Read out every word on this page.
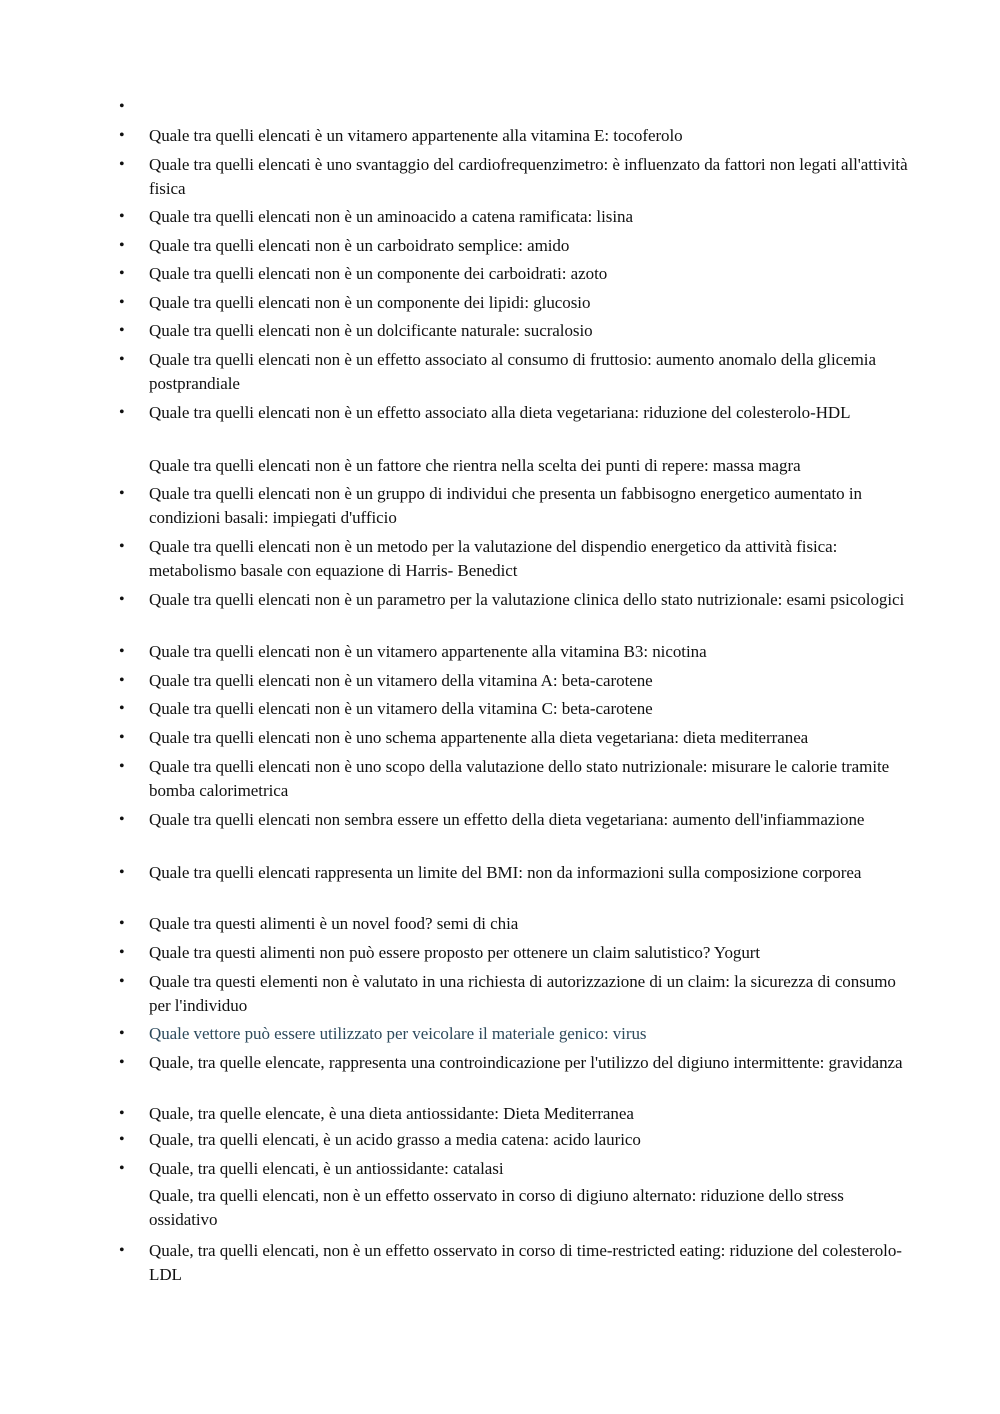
• Quale tra quelli elencati è un vitamero appartenente alla vitamina E: tocoferolo
• Quale tra quelli elencati è uno svantaggio del cardiofrequenzimetro: è influenzato da fattori non legati all'attività fisica
• Quale tra quelli elencati non è un aminoacido a catena ramificata: lisina
• Quale tra quelli elencati non è un carboidrato semplice: amido
• Quale tra quelli elencati non è un componente dei carboidrati: azoto
• Quale tra quelli elencati non è un componente dei lipidi: glucosio
• Quale tra quelli elencati non è un dolcificante naturale: sucralosio
• Quale tra quelli elencati non è un effetto associato al consumo di fruttosio: aumento anomalo della glicemia postprandiale
• Quale tra quelli elencati non è un effetto associato alla dieta vegetariana: riduzione del colesterolo-HDL
Quale tra quelli elencati non è un fattore che rientra nella scelta dei punti di repere: massa magra
• Quale tra quelli elencati non è un gruppo di individui che presenta un fabbisogno energetico aumentato in condizioni basali: impiegati d'ufficio
• Quale tra quelli elencati non è un metodo per la valutazione del dispendio energetico da attività fisica: metabolismo basale con equazione di Harris- Benedict
• Quale tra quelli elencati non è un parametro per la valutazione clinica dello stato nutrizionale: esami psicologici
• Quale tra quelli elencati non è un vitamero appartenente alla vitamina B3: nicotina
• Quale tra quelli elencati non è un vitamero della vitamina A: beta-carotene
• Quale tra quelli elencati non è un vitamero della vitamina C: beta-carotene
• Quale tra quelli elencati non è uno schema appartenente alla dieta vegetariana: dieta mediterranea
• Quale tra quelli elencati non è uno scopo della valutazione dello stato nutrizionale: misurare le calorie tramite bomba calorimetrica
• Quale tra quelli elencati non sembra essere un effetto della dieta vegetariana: aumento dell'infiammazione
• Quale tra quelli elencati rappresenta un limite del BMI: non da informazioni sulla composizione corporea
• Quale tra questi alimenti è un novel food? semi di chia
• Quale tra questi alimenti non può essere proposto per ottenere un claim salutistico? Yogurt
• Quale tra questi elementi non è valutato in una richiesta di autorizzazione di un claim: la sicurezza di consumo per l'individuo
• Quale vettore può essere utilizzato per veicolare il materiale genico: virus
• Quale, tra quelle elencate, rappresenta una controindicazione per l'utilizzo del digiuno intermittente: gravidanza
• Quale, tra quelle elencate, è una dieta antiossidante: Dieta Mediterranea
• Quale, tra quelli elencati, è un acido grasso a media catena: acido laurico
• Quale, tra quelli elencati, è un antiossidante: catalasi
Quale, tra quelli elencati, non è un effetto osservato in corso di digiuno alternato: riduzione dello stress ossidativo
• Quale, tra quelli elencati, non è un effetto osservato in corso di time-restricted eating: riduzione del colesterolo-LDL
